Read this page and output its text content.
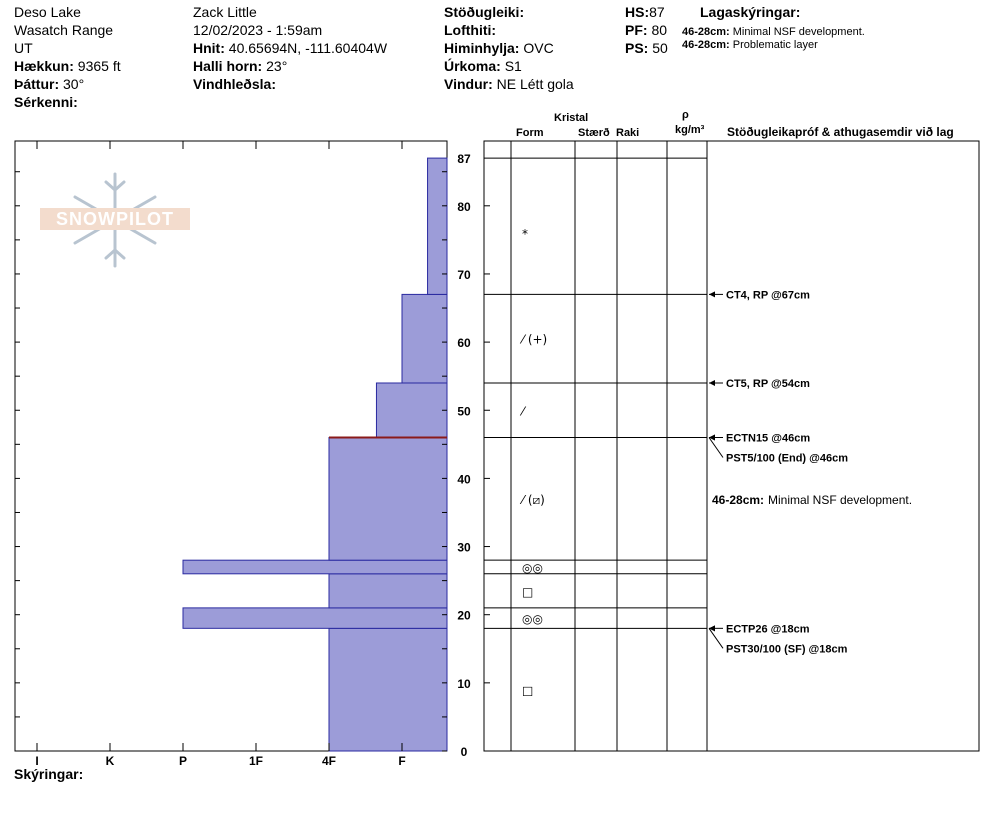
Deso Lake
Wasatch Range
UT
Hækkun: 9365 ft
Þáttur: 30°
Sérkenni:
Zack Little
12/02/2023 - 1:59am
Hnit: 40.65694N, -111.60404W
Halli horn: 23°
Vindhleðsla:
Stöðugleiki:
Lofthiti:
Himinhylja: OVC
Úrkoma: S1
Vindur: NE Létt gola
HS:87
PF: 80
PS: 50
Lagaskýringar:
46-28cm: Minimal NSF development.
46-28cm: Problematic layer
Kristal
Form	Stærð Raki
ρ
kg/m³ Stöðugleikapróf & athugasemdir við lag
Skýringar:
SNOWPILOT
I	K	P	1F	4F	F
0
10
20
30
40
50
60
70
80
87
*
⁄ (+)
⁄
⁄ (⧄)
◎◎
□
◎◎
□
CT4, RP @67cm
CT5, RP @54cm
ECTN15 @46cm
PST5/100 (End) @46cm
ECTP26 @18cm
PST30/100 (SF) @18cm
46-28cm: Minimal NSF development.
